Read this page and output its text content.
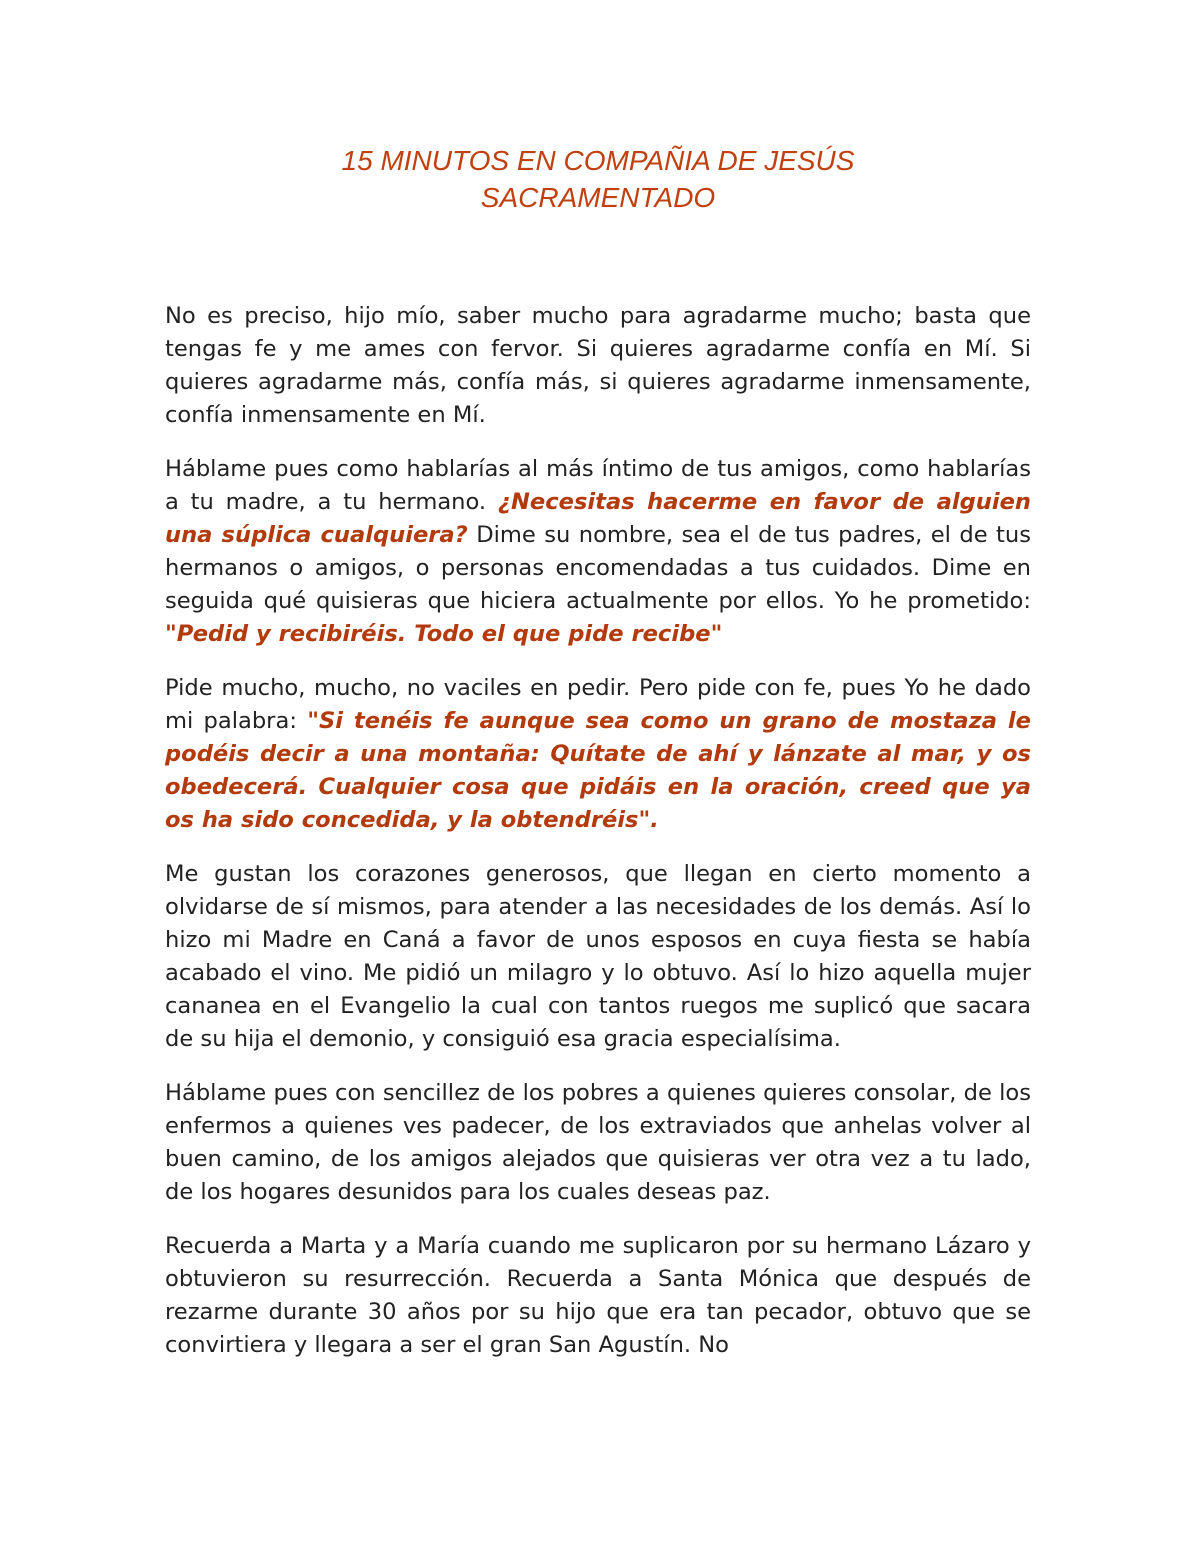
15 MINUTOS EN COMPAÑIA DE JESÚS
SACRAMENTADO

No es preciso, hijo mío, saber mucho para agradarme mucho; basta que tengas fe y me ames con fervor. Si quieres agradarme confía en Mí. Si quieres agradarme más, confía más, si quieres agradarme inmensamente, confía inmensamente en Mí.

Háblame pues como hablarías al más íntimo de tus amigos, como hablarías a tu madre, a tu hermano. ¿Necesitas hacerme en favor de alguien una súplica cualquiera? Dime su nombre, sea el de tus padres, el de tus hermanos o amigos, o personas encomendadas a tus cuidados. Dime en seguida qué quisieras que hiciera actualmente por ellos. Yo he prometido: "Pedid y recibiréis. Todo el que pide recibe"

Pide mucho, mucho, no vaciles en pedir. Pero pide con fe, pues Yo he dado mi palabra: "Si tenéis fe aunque sea como un grano de mostaza le podéis decir a una montaña: Quítate de ahí y lánzate al mar, y os obedecerá. Cualquier cosa que pidáis en la oración, creed que ya os ha sido concedida, y la obtendréis".

Me gustan los corazones generosos, que llegan en cierto momento a olvidarse de sí mismos, para atender a las necesidades de los demás. Así lo hizo mi Madre en Caná a favor de unos esposos en cuya fiesta se había acabado el vino. Me pidió un milagro y lo obtuvo. Así lo hizo aquella mujer cananea en el Evangelio la cual con tantos ruegos me suplicó que sacara de su hija el demonio, y consiguió esa gracia especialísima.

Háblame pues con sencillez de los pobres a quienes quieres consolar, de los enfermos a quienes ves padecer, de los extraviados que anhelas volver al buen camino, de los amigos alejados que quisieras ver otra vez a tu lado, de los hogares desunidos para los cuales deseas paz.

Recuerda a Marta y a María cuando me suplicaron por su hermano Lázaro y obtuvieron su resurrección. Recuerda a Santa Mónica que después de rezarme durante 30 años por su hijo que era tan pecador, obtuvo que se convirtiera y llegara a ser el gran San Agustín. No
